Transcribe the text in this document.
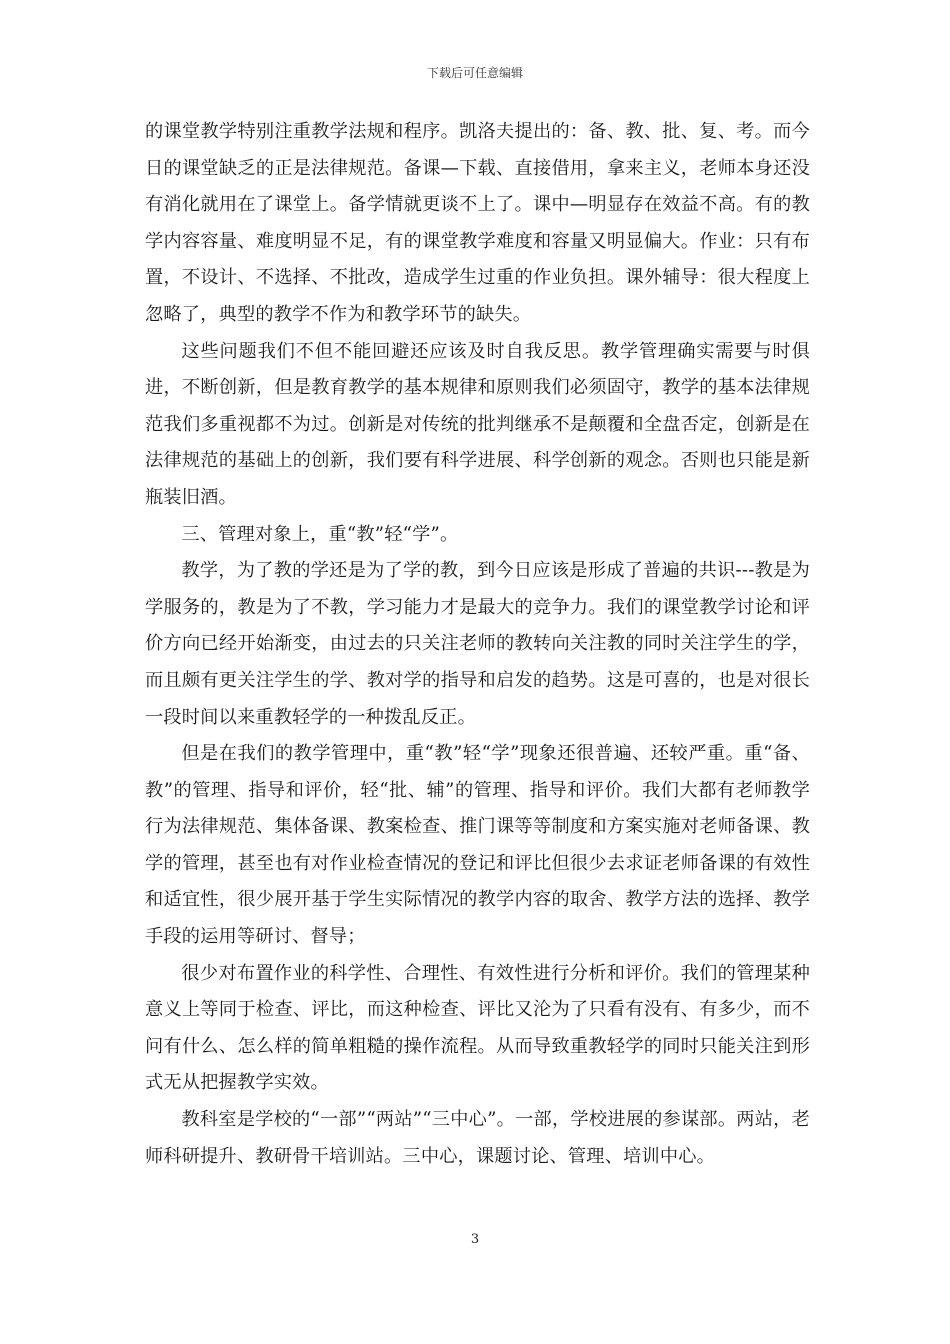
下载后可任意编辑

的课堂教学特别注重教学法规和程序。凯洛夫提出的：备、教、批、复、考。而今日的课堂缺乏的正是法律规范。备课—下载、直接借用，拿来主义，老师本身还没有消化就用在了课堂上。备学情就更谈不上了。课中—明显存在效益不高。有的教学内容容量、难度明显不足，有的课堂教学难度和容量又明显偏大。作业：只有布置，不设计、不选择、不批改，造成学生过重的作业负担。课外辅导：很大程度上忽略了，典型的教学不作为和教学环节的缺失。

这些问题我们不但不能回避还应该及时自我反思。教学管理确实需要与时俱进，不断创新，但是教育教学的基本规律和原则我们必须固守，教学的基本法律规范我们多重视都不为过。创新是对传统的批判继承不是颠覆和全盘否定，创新是在法律规范的基础上的创新，我们要有科学进展、科学创新的观念。否则也只能是新瓶装旧酒。

三、管理对象上，重“教”轻“学”。

教学，为了教的学还是为了学的教，到今日应该是形成了普遍的共识---教是为学服务的，教是为了不教，学习能力才是最大的竞争力。我们的课堂教学讨论和评价方向已经开始渐变，由过去的只关注老师的教转向关注教的同时关注学生的学，而且颇有更关注学生的学、教对学的指导和启发的趋势。这是可喜的，也是对很长一段时间以来重教轻学的一种拨乱反正。

但是在我们的教学管理中，重“教”轻“学”现象还很普遍、还较严重。重“备、教”的管理、指导和评价，轻“批、辅”的管理、指导和评价。我们大都有老师教学行为法律规范、集体备课、教案检查、推门课等等制度和方案实施对老师备课、教学的管理，甚至也有对作业检查情况的登记和评比但很少去求证老师备课的有效性和适宜性，很少展开基于学生实际情况的教学内容的取舍、教学方法的选择、教学手段的运用等研讨、督导；

很少对布置作业的科学性、合理性、有效性进行分析和评价。我们的管理某种意义上等同于检查、评比，而这种检查、评比又沦为了只看有没有、有多少，而不问有什么、怎么样的简单粗糙的操作流程。从而导致重教轻学的同时只能关注到形式无从把握教学实效。

教科室是学校的“一部”“两站”“三中心”。一部，学校进展的参谋部。两站，老师科研提升、教研骨干培训站。三中心，课题讨论、管理、培训中心。

3
